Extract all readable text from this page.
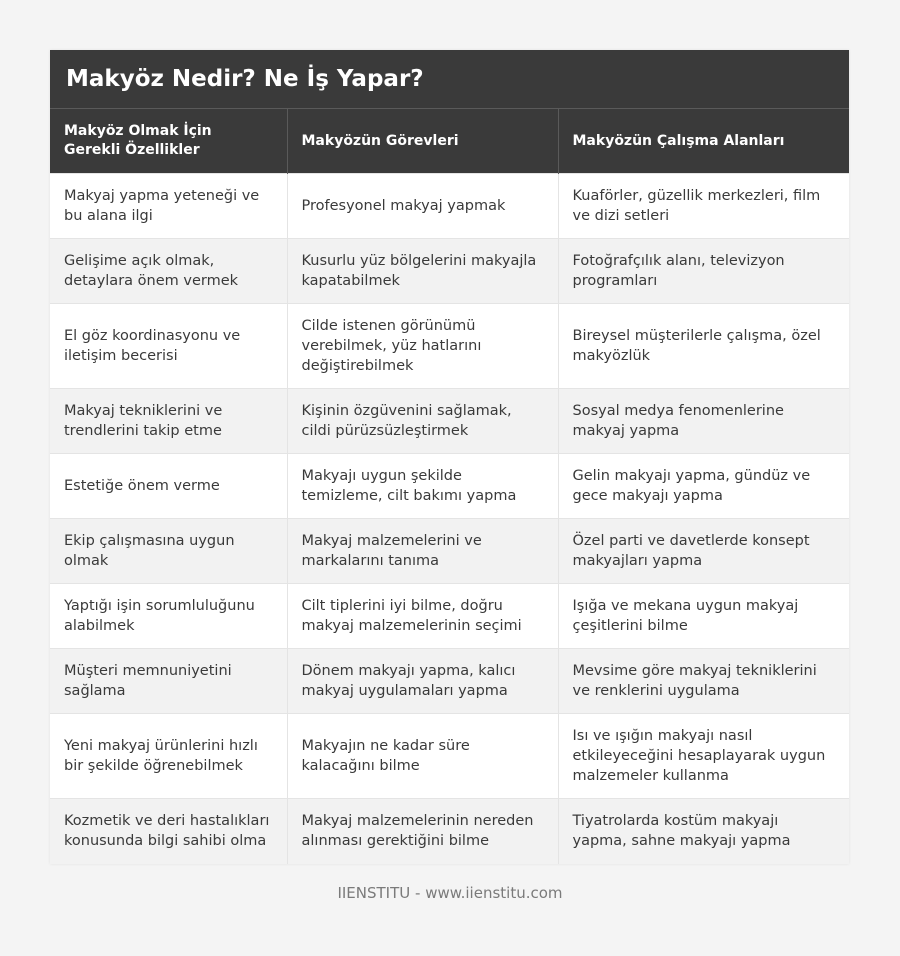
Makyöz Nedir? Ne İş Yapar?
Makyöz Olmak İçin Gerekli Özellikler	Makyözün Görevleri	Makyözün Çalışma Alanları
Makyaj yapma yeteneği ve bu alana ilgi	Profesyonel makyaj yapmak	Kuaförler, güzellik merkezleri, film ve dizi setleri
Gelişime açık olmak, detaylara önem vermek	Kusurlu yüz bölgelerini makyajla kapatabilmek	Fotoğrafçılık alanı, televizyon programları
El göz koordinasyonu ve iletişim becerisi	Cilde istenen görünümü verebilmek, yüz hatlarını değiştirebilmek	Bireysel müşterilerle çalışma, özel makyözlük
Makyaj tekniklerini ve trendlerini takip etme	Kişinin özgüvenini sağlamak, cildi pürüzsüzleştirmek	Sosyal medya fenomenlerine makyaj yapma
Estetiğe önem verme	Makyajı uygun şekilde temizleme, cilt bakımı yapma	Gelin makyajı yapma, gündüz ve gece makyajı yapma
Ekip çalışmasına uygun olmak	Makyaj malzemelerini ve markalarını tanıma	Özel parti ve davetlerde konsept makyajları yapma
Yaptığı işin sorumluluğunu alabilmek	Cilt tiplerini iyi bilme, doğru makyaj malzemelerinin seçimi	Işığa ve mekana uygun makyaj çeşitlerini bilme
Müşteri memnuniyetini sağlama	Dönem makyajı yapma, kalıcı makyaj uygulamaları yapma	Mevsime göre makyaj tekniklerini ve renklerini uygulama
Yeni makyaj ürünlerini hızlı bir şekilde öğrenebilmek	Makyajın ne kadar süre kalacağını bilme	Isı ve ışığın makyajı nasıl etkileyeceğini hesaplayarak uygun malzemeler kullanma
Kozmetik ve deri hastalıkları konusunda bilgi sahibi olma	Makyaj malzemelerinin nereden alınması gerektiğini bilme	Tiyatrolarda kostüm makyajı yapma, sahne makyajı yapma
IIENSTITU - www.iienstitu.com
